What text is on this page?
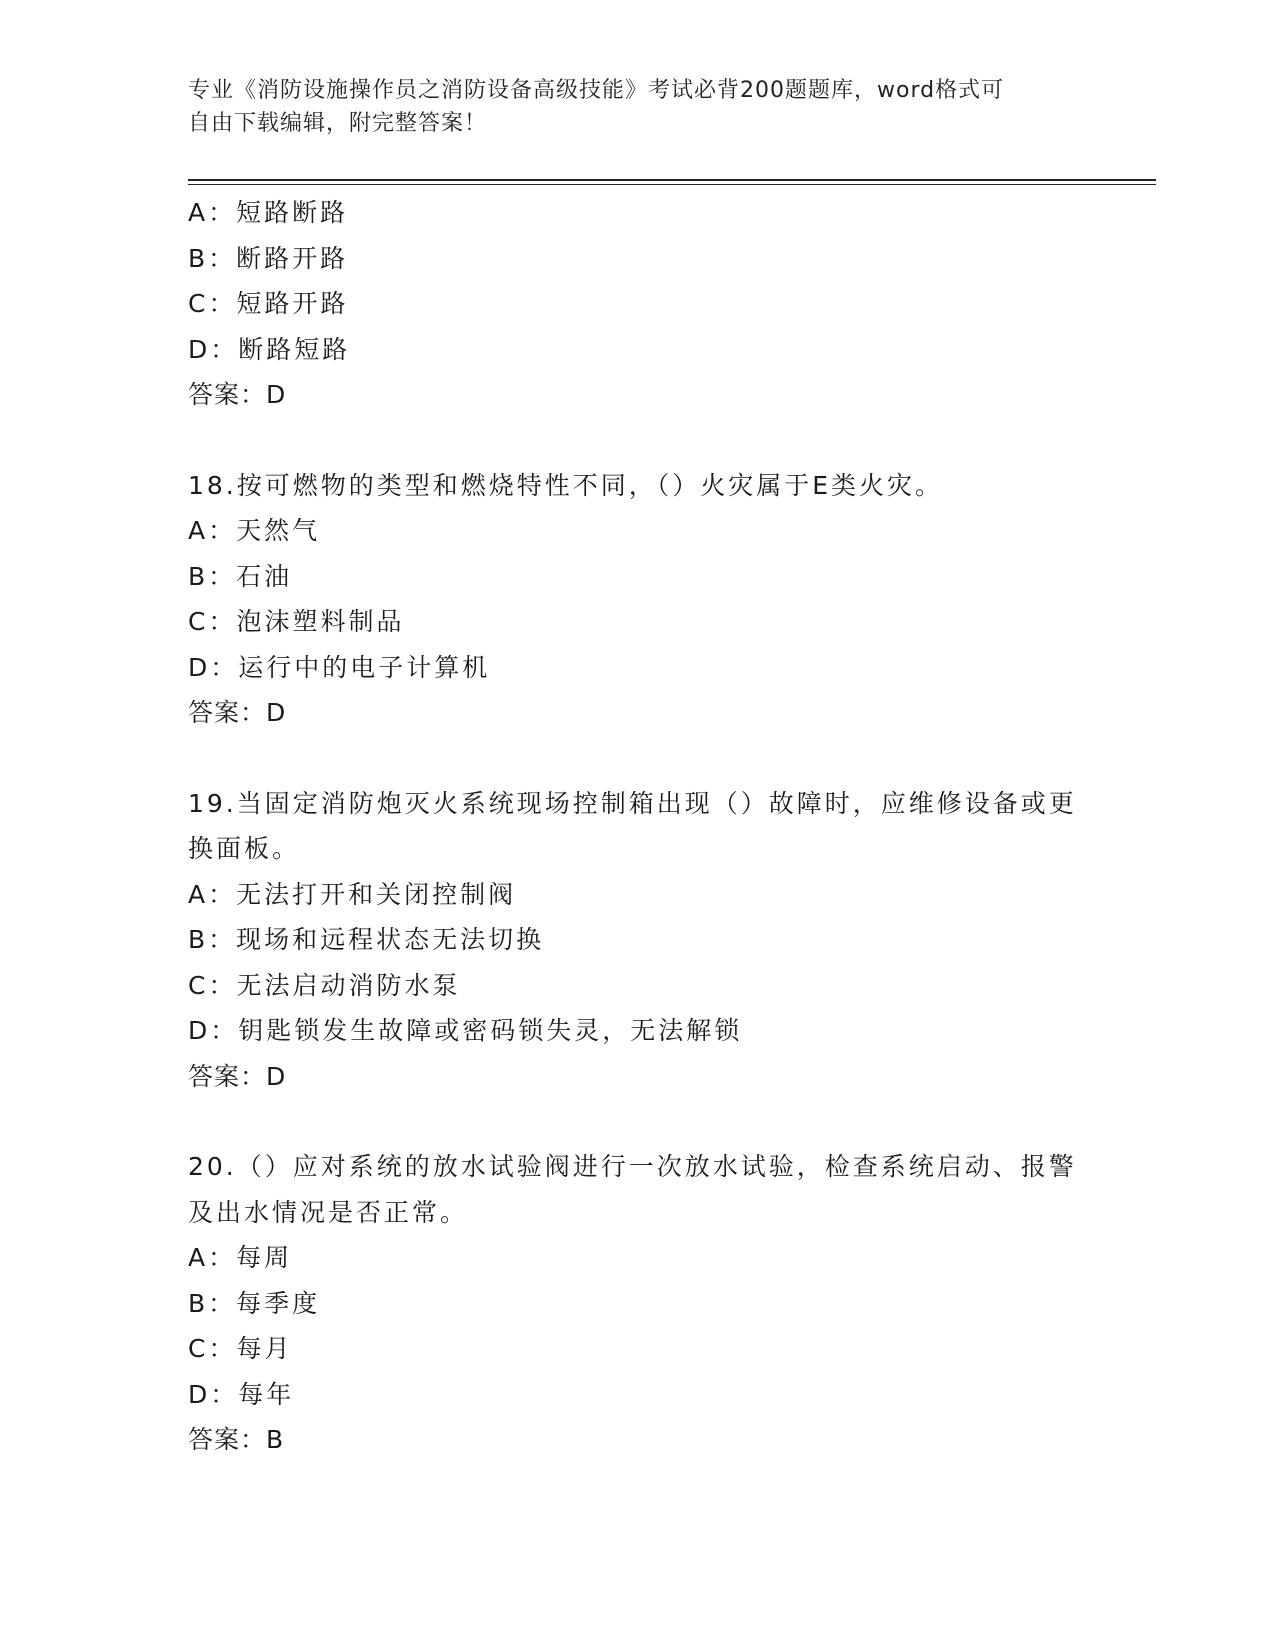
专业《消防设施操作员之消防设备高级技能》考试必背200题题库，word格式可
自由下载编辑，附完整答案！
A：短路断路
B：断路开路
C：短路开路
D：断路短路
答案：D
18.按可燃物的类型和燃烧特性不同，（）火灾属于E类火灾。
A：天然气
B：石油
C：泡沫塑料制品
D：运行中的电子计算机
答案：D
19.当固定消防炮灭火系统现场控制箱出现（）故障时，应维修设备或更换面板。
A：无法打开和关闭控制阀
B：现场和远程状态无法切换
C：无法启动消防水泵
D：钥匙锁发生故障或密码锁失灵，无法解锁
答案：D
20.（）应对系统的放水试验阀进行一次放水试验，检查系统启动、报警及出水情况是否正常。
A：每周
B：每季度
C：每月
D：每年
答案：B
